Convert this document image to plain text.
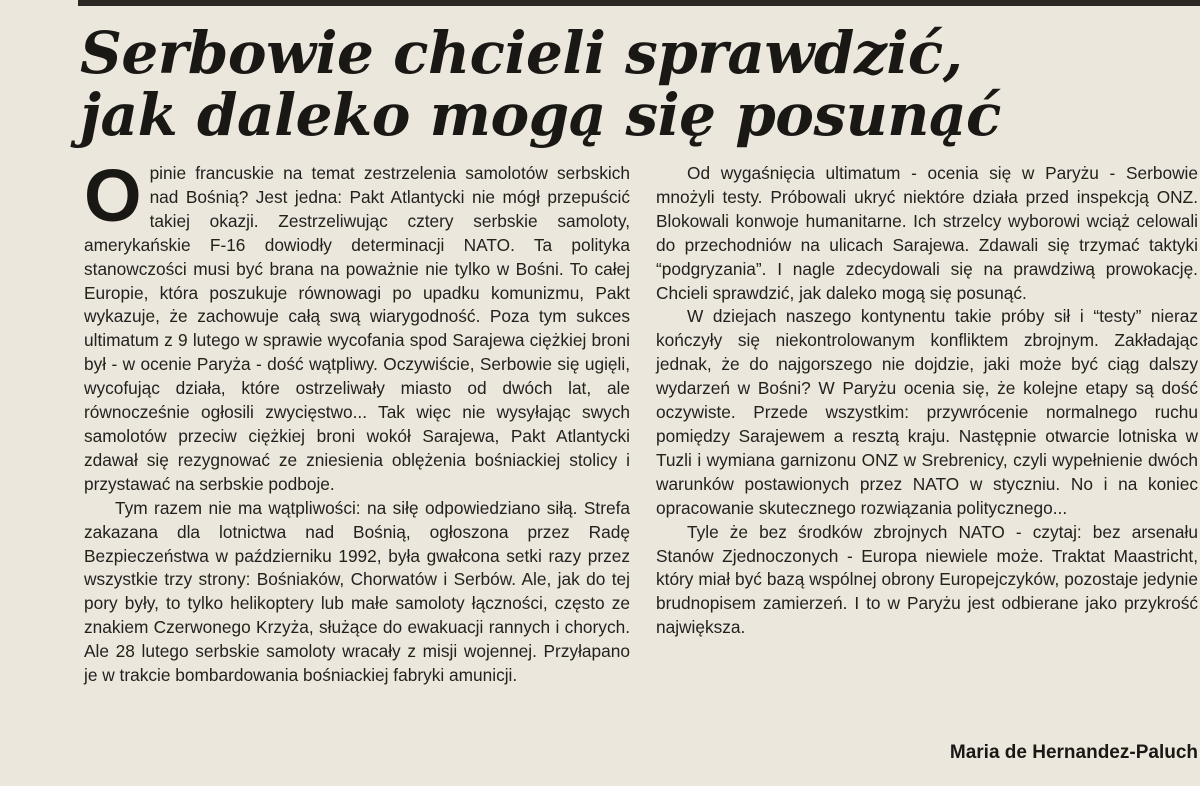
Serbowie chcieli sprawdzić,
jak daleko mogą się posunąć

Opinie francuskie na temat zestrzelenia samolotów serbskich nad Bośnią? Jest jedna: Pakt Atlantycki nie mógł przepuścić takiej okazji. Zestrzeliwując cztery serbskie samoloty, amerykańskie F-16 dowiodły determinacji NATO. Ta polityka stanowczości musi być brana na poważnie nie tylko w Bośni. To całej Europie, która poszukuje równowagi po upadku komunizmu, Pakt wykazuje, że zachowuje całą swą wiarygodność. Poza tym sukces ultimatum z 9 lutego w sprawie wycofania spod Sarajewa ciężkiej broni był - w ocenie Paryża - dość wątpliwy. Oczywiście, Serbowie się ugięli, wycofując działa, które ostrzeliwały miasto od dwóch lat, ale równocześnie ogłosili zwycięstwo... Tak więc nie wysyłając swych samolotów przeciw ciężkiej broni wokół Sarajewa, Pakt Atlantycki zdawał się rezygnować ze zniesienia oblężenia bośniackiej stolicy i przystawać na serbskie podboje.

Tym razem nie ma wątpliwości: na siłę odpowiedziano siłą. Strefa zakazana dla lotnictwa nad Bośnią, ogłoszona przez Radę Bezpieczeństwa w październiku 1992, była gwałcona setki razy przez wszystkie trzy strony: Bośniaków, Chorwatów i Serbów. Ale, jak do tej pory były, to tylko helikoptery lub małe samoloty łączności, często ze znakiem Czerwonego Krzyża, służące do ewakuacji rannych i chorych. Ale 28 lutego serbskie samoloty wracały z misji wojennej. Przyłapano je w trakcie bombardowania bośniackiej fabryki amunicji.

Od wygaśnięcia ultimatum - ocenia się w Paryżu - Serbowie mnożyli testy. Próbowali ukryć niektóre działa przed inspekcją ONZ. Blokowali konwoje humanitarne. Ich strzelcy wyborowi wciąż celowali do przechodniów na ulicach Sarajewa. Zdawali się trzymać taktyki “podgryzania”. I nagle zdecydowali się na prawdziwą prowokację. Chcieli sprawdzić, jak daleko mogą się posunąć.

W dziejach naszego kontynentu takie próby sił i “testy” nieraz kończyły się niekontrolowanym konfliktem zbrojnym. Zakładając jednak, że do najgorszego nie dojdzie, jaki może być ciąg dalszy wydarzeń w Bośni? W Paryżu ocenia się, że kolejne etapy są dość oczywiste. Przede wszystkim: przywrócenie normalnego ruchu pomiędzy Sarajewem a resztą kraju. Następnie otwarcie lotniska w Tuzli i wymiana garnizonu ONZ w Srebrenicy, czyli wypełnienie dwóch warunków postawionych przez NATO w styczniu. No i na koniec opracowanie skutecznego rozwiązania politycznego...

Tyle że bez środków zbrojnych NATO - czytaj: bez arsenału Stanów Zjednoczonych - Europa niewiele może. Traktat Maastricht, który miał być bazą wspólnej obrony Europejczyków, pozostaje jedynie brudnopisem zamierzeń. I to w Paryżu jest odbierane jako przykrość największa.

Maria de Hernandez-Paluch
